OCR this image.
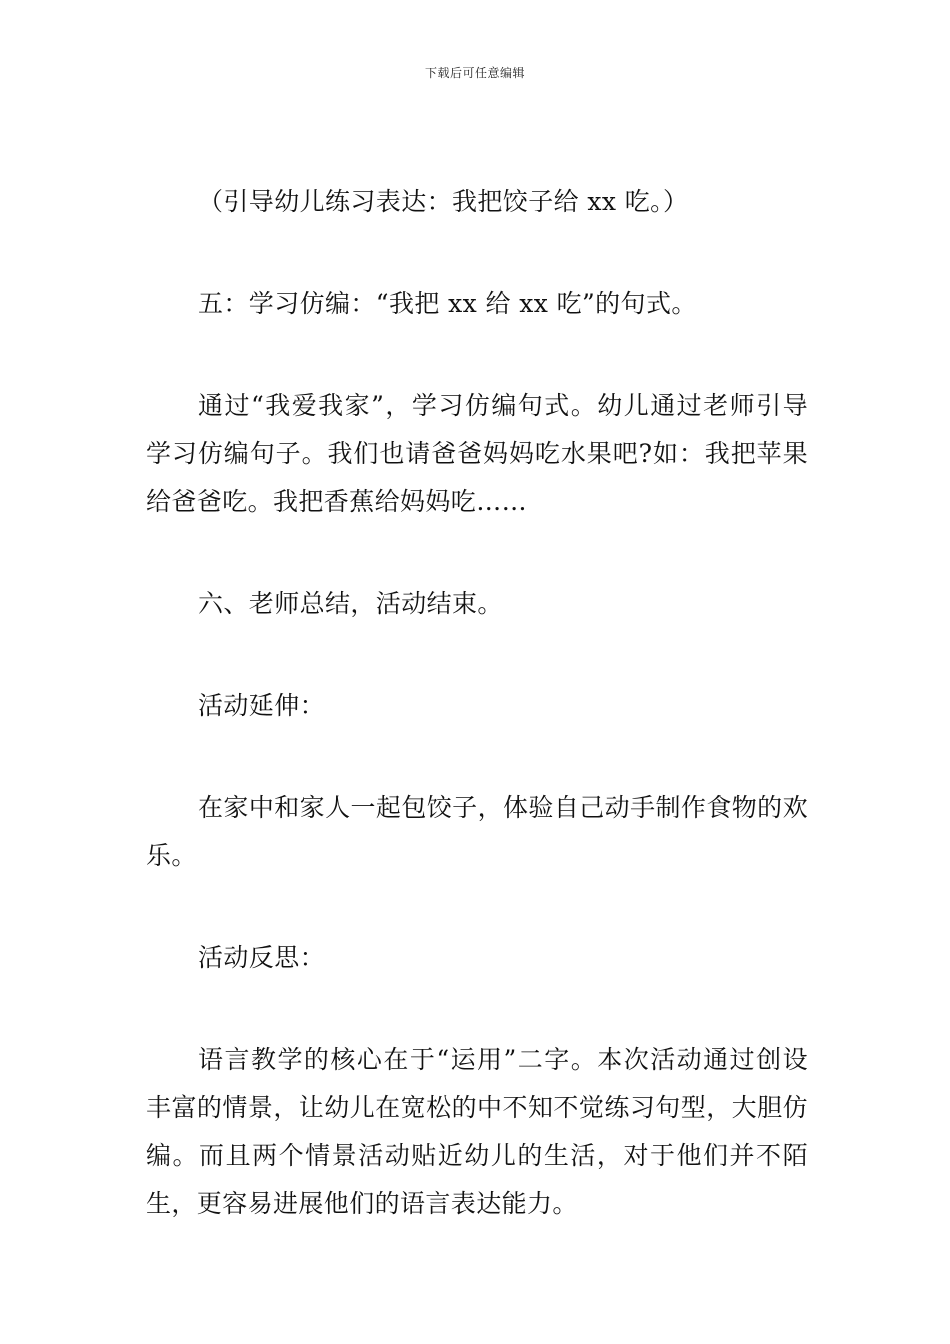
下载后可任意编辑

（引导幼儿练习表达：我把饺子给 xx 吃。）

五：学习仿编：“我把 xx 给 xx 吃”的句式。

通过“我爱我家”，学习仿编句式。幼儿通过老师引导学习仿编句子。我们也请爸爸妈妈吃水果吧?如：我把苹果给爸爸吃。我把香蕉给妈妈吃……

六、老师总结，活动结束。

活动延伸：

在家中和家人一起包饺子，体验自己动手制作食物的欢乐。

活动反思：

语言教学的核心在于“运用”二字。本次活动通过创设丰富的情景，让幼儿在宽松的中不知不觉练习句型，大胆仿编。而且两个情景活动贴近幼儿的生活，对于他们并不陌生，更容易进展他们的语言表达能力。
